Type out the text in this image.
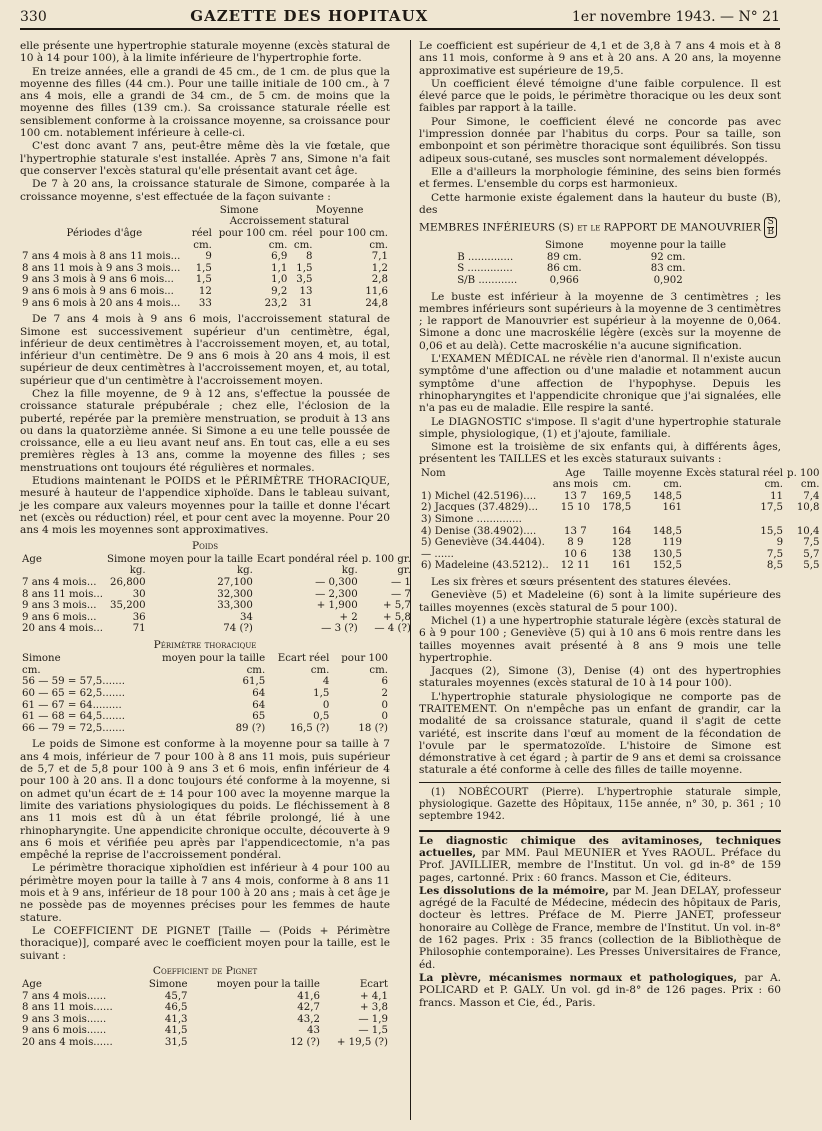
330	GAZETTE DES HOPITAUX	1er novembre 1943. — N° 21

elle présente une hypertrophie staturale moyenne (excès statural de 10 à 14 pour 100), à la limite inférieure de l'hypertrophie forte.

En treize années, elle a grandi de 45 cm., de 1 cm. de plus que la moyenne des filles (44 cm.). Pour une taille initiale de 100 cm., à 7 ans 4 mois, elle a grandi de 34 cm., de 5 cm. de moins que la moyenne des filles (139 cm.). Sa croissance staturale réelle est sensiblement conforme à la croissance moyenne, sa croissance pour 100 cm. notablement inférieure à celle-ci.

C'est donc avant 7 ans, peut-être même dès la vie fœtale, que l'hypertrophie staturale s'est installée. Après 7 ans, Simone n'a fait que conserver l'excès statural qu'elle présentait avant cet âge.

De 7 à 20 ans, la croissance staturale de Simone, comparée à la croissance moyenne, s'est effectuée de la façon suivante :

	Simone		Moyenne	
	Accroissement statural			
Périodes d'âge	réel	pour 100 cm.	réel	pour 100 cm.
	cm.	cm.	cm.	cm.
7 ans 4 mois à 8 ans 11 mois...	9	6,9	8	7,1
8 ans 11 mois à 9 ans 3 mois...	1,5	1,1	1,5	1,2
9 ans 3 mois à 9 ans 6 mois...	1,5	1,0	3,5	2,8
9 ans 6 mois à 9 ans 6 mois...	12	9,2	13	11,6
9 ans 6 mois à 20 ans 4 mois...	33	23,2	31	24,8

De 7 ans 4 mois à 9 ans 6 mois, l'accroissement statural de Simone est successivement supérieur d'un centimètre, égal, inférieur de deux centimètres à l'accroissement moyen, et, au total, inférieur d'un centimètre. De 9 ans 6 mois à 20 ans 4 mois, il est supérieur de deux centimètres à l'accroissement moyen, et, au total, supérieur que d'un centimètre à l'accroissement moyen.

Chez la fille moyenne, de 9 à 12 ans, s'effectue la poussée de croissance staturale prépubérale ; chez elle, l'éclosion de la puberté, repérée par la première menstruation, se produit à 13 ans ou dans la quatorzième année. Si Simone a eu une telle poussée de croissance, elle a eu lieu avant neuf ans. En tout cas, elle a eu ses premières règles à 13 ans, comme la moyenne des filles ; ses menstruations ont toujours été régulières et normales.

Etudions maintenant le POIDS et le PÉRIMÈTRE THORACIQUE, mesuré à hauteur de l'appendice xiphoïde. Dans le tableau suivant, je les compare aux valeurs moyennes pour la taille et donne l'écart net (excès ou réduction) réel, et pour cent avec la moyenne. Pour 20 ans 4 mois les moyennes sont approximatives.

Poids
Age	Simone	moyen pour la taille	Ecart pondéral réel	p. 100 gr.
	kg.	kg.	kg.	gr.
7 ans 4 mois...	26,800	27,100	— 0,300	— 1
8 ans 11 mois...	30	32,300	— 2,300	— 7
9 ans 3 mois...	35,200	33,300	+ 1,900	+ 5,7
9 ans 6 mois...	36	34	+ 2	+ 5,8
20 ans 4 mois...	71	74 (?)	— 3 (?)	— 4 (?)
Périmètre thoracique
Simone	moyen pour la taille	Ecart réel	pour 100
cm.	cm.	cm.	cm.
56 — 59 = 57,5.......	61,5	4	6
60 — 65 = 62,5.......	64	1,5	2
61 — 67 = 64.........	64	0	0
61 — 68 = 64,5.......	65	0,5	0
66 — 79 = 72,5.......	89 (?)	16,5 (?)	18 (?)

Le poids de Simone est conforme à la moyenne pour sa taille à 7 ans 4 mois, inférieur de 7 pour 100 à 8 ans 11 mois, puis supérieur de 5,7 et de 5,8 pour 100 à 9 ans 3 et 6 mois, enfin inférieur de 4 pour 100 à 20 ans. Il a donc toujours été conforme à la moyenne, si on admet qu'un écart de ± 14 pour 100 avec la moyenne marque la limite des variations physiologiques du poids. Le fléchissement à 8 ans 11 mois est dû à un état fébrile prolongé, lié à une rhinopharyngite. Une appendicite chronique occulte, découverte à 9 ans 6 mois et vérifiée peu après par l'appendicectomie, n'a pas empêché la reprise de l'accroissement pondéral.

Le périmètre thoracique xiphoïdien est inférieur à 4 pour 100 au périmètre moyen pour la taille à 7 ans 4 mois, conforme à 8 ans 11 mois et à 9 ans, inférieur de 18 pour 100 à 20 ans ; mais à cet âge je ne possède pas de moyennes précises pour les femmes de haute stature.

Le COEFFICIENT DE PIGNET [Taille — (Poids + Périmètre thoracique)], comparé avec le coefficient moyen pour la taille, est le suivant :

Coefficient de Pignet
Age	Simone	moyen pour la taille	Ecart
7 ans 4 mois......	45,7	41,6	+ 4,1
8 ans 11 mois......	46,5	42,7	+ 3,8
9 ans 3 mois......	41,3	43,2	— 1,9
9 ans 6 mois......	41,5	43	— 1,5
20 ans 4 mois......	31,5	12 (?)	+ 19,5 (?)

Le coefficient est supérieur de 4,1 et de 3,8 à 7 ans 4 mois et à 8 ans 11 mois, conforme à 9 ans et à 20 ans. A 20 ans, la moyenne approximative est supérieure de 19,5.

Un coefficient élevé témoigne d'une faible corpulence. Il est élevé parce que le poids, le périmètre thoracique ou les deux sont faibles par rapport à la taille.

Pour Simone, le coefficient élevé ne concorde pas avec l'impression donnée par l'habitus du corps. Pour sa taille, son embonpoint et son périmètre thoracique sont équilibrés. Son tissu adipeux sous-cutané, ses muscles sont normalement développés.

Elle a d'ailleurs la morphologie féminine, des seins bien formés et fermes. L'ensemble du corps est harmonieux.

Cette harmonie existe également dans la hauteur du buste (B), des

MEMBRES INFÉRIEURS (S) et le RAPPORT DE MANOUVRIER $\frac{S}{B}$

	Simone	moyenne pour la taille
B ..............	89 cm.	92 cm.
S ..............	86 cm.	83 cm.
S/B ............	0,966	0,902

Le buste est inférieur à la moyenne de 3 centimètres ; les membres inférieurs sont supérieurs à la moyenne de 3 centimètres ; le rapport de Manouvrier est supérieur à la moyenne de 0,064. Simone a donc une macroskélie légère (excès sur la moyenne de 0,06 et au delà). Cette macroskélie n'a aucune signification.

L'EXAMEN MÉDICAL ne révèle rien d'anormal. Il n'existe aucun symptôme d'une affection ou d'une maladie et notamment aucun symptôme d'une affection de l'hypophyse. Depuis les rhinopharyngites et l'appendicite chronique que j'ai signalées, elle n'a pas eu de maladie. Elle respire la santé.

Le DIAGNOSTIC s'impose. Il s'agit d'une hypertrophie staturale simple, physiologique, (1) et j'ajoute, familiale.

Simone est la troisième de six enfants qui, à différents âges, présentent les TAILLES et les excès staturaux suivants :

Nom	Age	Taille	moyenne	Excès statural réel	p. 100
	ans mois	cm.	cm.	cm.	cm.
1) Michel (42.5196)....	13 7	169,5	148,5	11	7,4
2) Jacques (37.4829)...	15 10	178,5	161	17,5	10,8
3) Simone ..............					
4) Denise (38.4902)....	13 7	164	148,5	15,5	10,4
5) Geneviève (34.4404).	8 9	128	119	9	7,5
— ......	10 6	138	130,5	7,5	5,7
6) Madeleine (43.5212)..	12 11	161	152,5	8,5	5,5

Les six frères et sœurs présentent des statures élevées.

Geneviève (5) et Madeleine (6) sont à la limite supérieure des tailles moyennes (excès statural de 5 pour 100).

Michel (1) a une hypertrophie staturale légère (excès statural de 6 à 9 pour 100 ; Geneviève (5) qui à 10 ans 6 mois rentre dans les tailles moyennes avait présenté à 8 ans 9 mois une telle hypertrophie.

Jacques (2), Simone (3), Denise (4) ont des hypertrophies staturales moyennes (excès statural de 10 à 14 pour 100).

L'hypertrophie staturale physiologique ne comporte pas de TRAITEMENT. On n'empêche pas un enfant de grandir, car la modalité de sa croissance staturale, quand il s'agit de cette variété, est inscrite dans l'œuf au moment de la fécondation de l'ovule par le spermatozoïde. L'histoire de Simone est démonstrative à cet égard ; à partir de 9 ans et demi sa croissance staturale a été conforme à celle des filles de taille moyenne.

(1) NOBÉCOURT (Pierre). L'hypertrophie staturale simple, physiologique. Gazette des Hôpitaux, 115e année, n° 30, p. 361 ; 10 septembre 1942.

Le diagnostic chimique des avitaminoses, techniques actuelles, par MM. Paul MEUNIER et Yves RAOUL. Préface du Prof. JAVILLIER, membre de l'Institut. Un vol. gd in-8° de 159 pages, cartonné. Prix : 60 francs. Masson et Cie, éditeurs.

Les dissolutions de la mémoire, par M. Jean DELAY, professeur agrégé de la Faculté de Médecine, médecin des hôpitaux de Paris, docteur ès lettres. Préface de M. Pierre JANET, professeur honoraire au Collège de France, membre de l'Institut. Un vol. in-8° de 162 pages. Prix : 35 francs (collection de la Bibliothèque de Philosophie contemporaine). Les Presses Universitaires de France, éd.

La plèvre, mécanismes normaux et pathologiques, par A. POLICARD et P. GALY. Un vol. gd in-8° de 126 pages. Prix : 60 francs. Masson et Cie, éd., Paris.
